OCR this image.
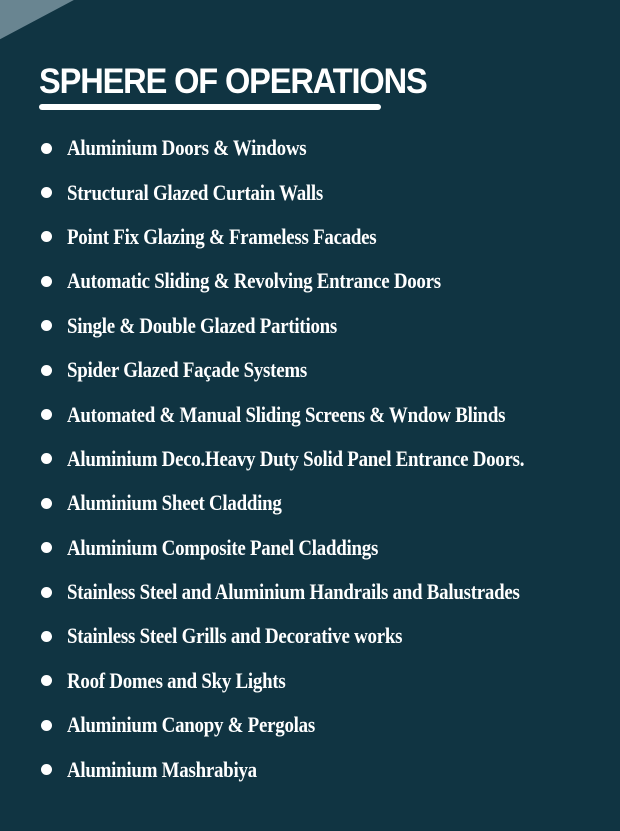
SPHERE OF OPERATIONS
Aluminium Doors & Windows
Structural Glazed Curtain Walls
Point Fix Glazing & Frameless Facades
Automatic Sliding & Revolving Entrance Doors
Single & Double Glazed Partitions
Spider Glazed Façade Systems
Automated & Manual Sliding Screens & Wndow Blinds
Aluminium Deco.Heavy Duty Solid Panel Entrance Doors.
Aluminium Sheet Cladding
Aluminium Composite Panel Claddings
Stainless Steel and Aluminium Handrails and Balustrades
Stainless Steel Grills and Decorative works
Roof Domes and Sky Lights
Aluminium Canopy & Pergolas
Aluminium Mashrabiya
